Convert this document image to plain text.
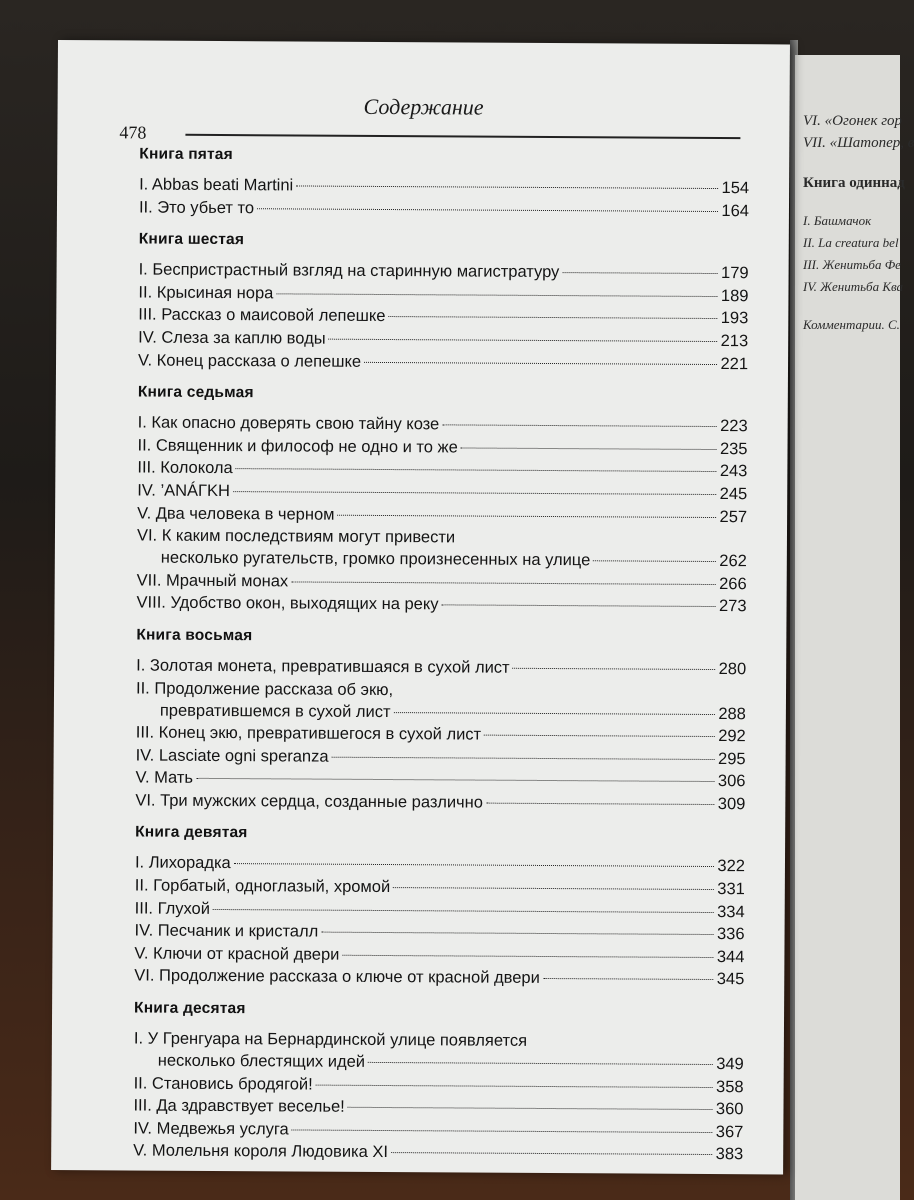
VI. «Огонек гор
VII. «Шатопер, в
Книга одиннад
I. Башмачок
II. La creatura bel
III. Женитьба Фе
IV. Женитьба Ква
Комментарии. С.
Содержание
478
Книга пятая
I. Abbas beati Martini	154
II. Это убьет то	164
Книга шестая
I. Беспристрастный взгляд на старинную магистратуру	179
II. Крысиная нора	189
III. Рассказ о маисовой лепешке	193
IV. Слеза за каплю воды	213
V. Конец рассказа о лепешке	221
Книга седьмая
I. Как опасно доверять свою тайну козе	223
II. Священник и философ не одно и то же	235
III. Колокола	243
IV. ’ANÁГKH	245
V. Два человека в черном	257
VI. К каким последствиям могут привести
несколько ругательств, громко произнесенных на улице	262
VII. Мрачный монах	266
VIII. Удобство окон, выходящих на реку	273
Книга восьмая
I. Золотая монета, превратившаяся в сухой лист	280
II. Продолжение рассказа об экю,
превратившемся в сухой лист	288
III. Конец экю, превратившегося в сухой лист	292
IV. Lasciate ogni speranza	295
V. Мать	306
VI. Три мужских сердца, созданные различно	309
Книга девятая
I. Лихорадка	322
II. Горбатый, одноглазый, хромой	331
III. Глухой	334
IV. Песчаник и кристалл	336
V. Ключи от красной двери	344
VI. Продолжение рассказа о ключе от красной двери	345
Книга десятая
I. У Гренгуара на Бернардинской улице появляется
несколько блестящих идей	349
II. Становись бродягой!	358
III. Да здравствует веселье!	360
IV. Медвежья услуга	367
V. Молельня короля Людовика XI	383
